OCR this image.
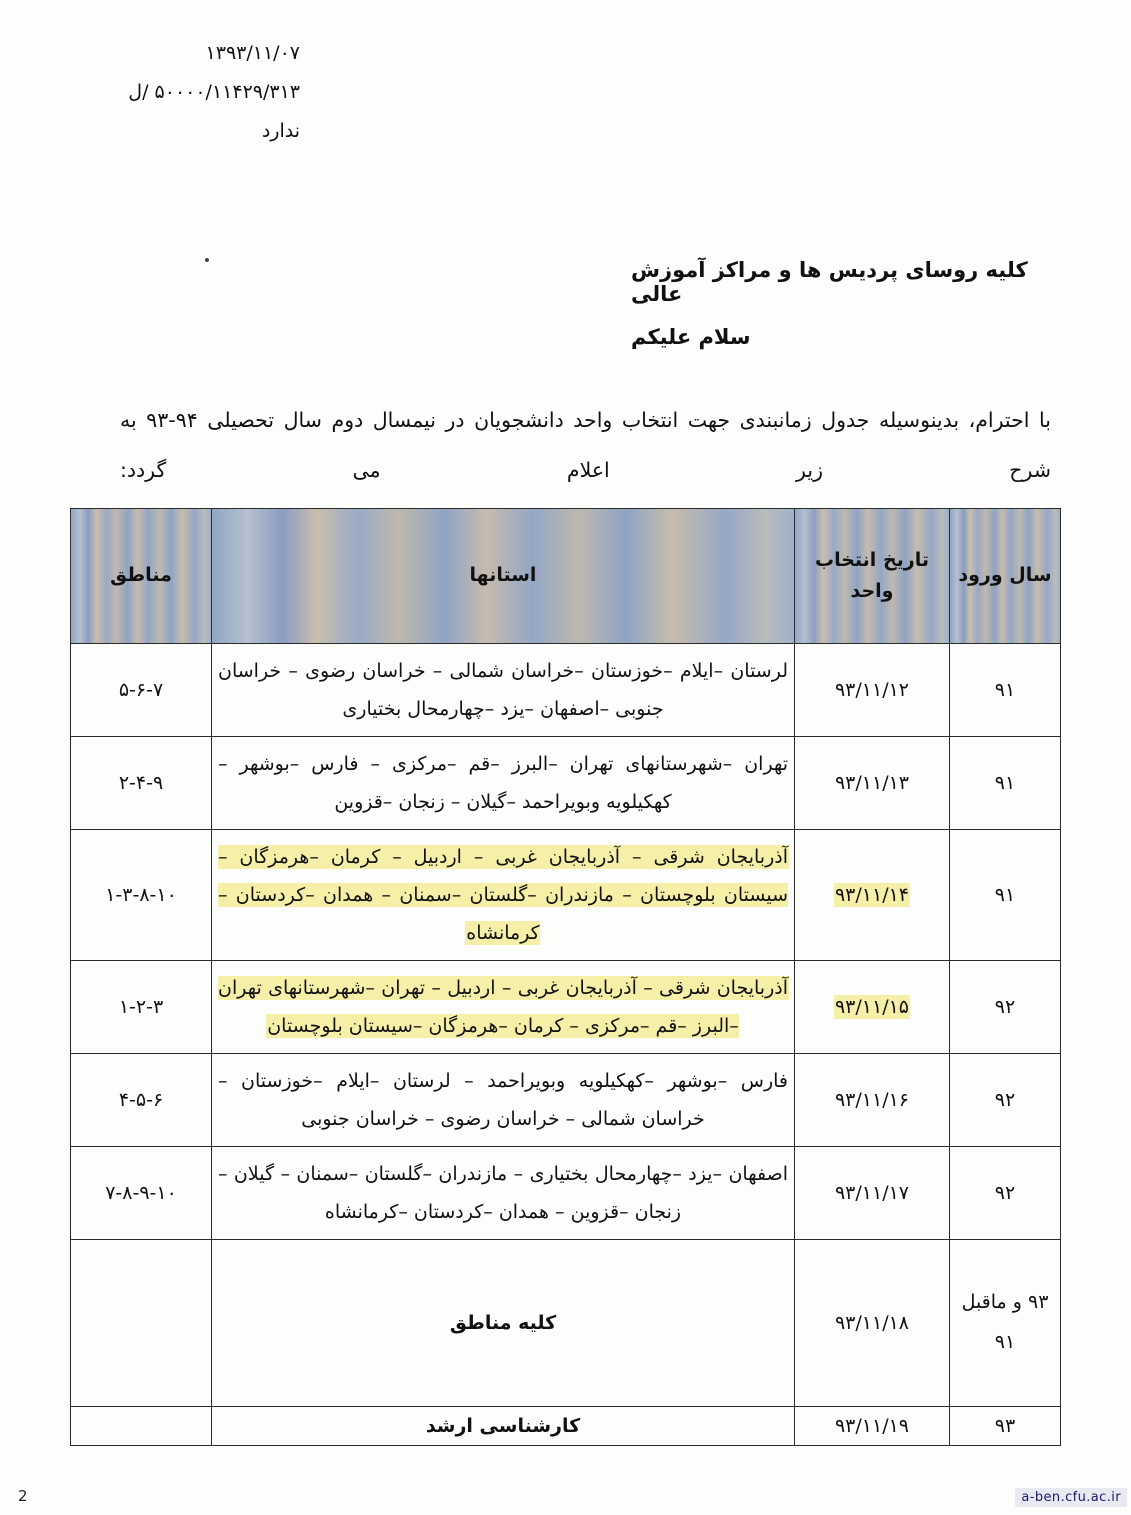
۱۳۹۳/۱۱/۰۷
۵۰۰۰۰/۱۱۴۲۹/۳۱۳ /ل
ندارد
کلیه روسای پردیس ها و مراکز آموزش عالی
سلام علیکم
با احترام، بدینوسیله جدول زمانبندی جهت انتخاب واحد دانشجویان در نیمسال دوم سال تحصیلی ۹۴-۹۳ به شرح زیر اعلام می گردد:
سال ورود	تاریخ انتخاب واحد	استانها	مناطق
۹۱	۹۳/۱۱/۱۲	لرستان –ایلام –خوزستان –خراسان شمالی – خراسان رضوی – خراسان جنوبی –اصفهان –یزد –چهارمحال بختیاری	۵-۶-۷
۹۱	۹۳/۱۱/۱۳	تهران –شهرستانهای تهران –البرز –قم –مرکزی – فارس –بوشهر –کهکیلویه وبویراحمد –گیلان – زنجان –قزوین	۲-۴-۹
۹۱	۹۳/۱۱/۱۴	آذربایجان شرقی – آذربایجان غربی – اردبیل – کرمان –هرمزگان –سیستان بلوچستان – مازندران –گلستان –سمنان – همدان –کردستان –کرمانشاه	۱-۳-۸-۱۰
۹۲	۹۳/۱۱/۱۵	آذربایجان شرقی – آذربایجان غربی – اردبیل – تهران –شهرستانهای تهران –البرز –قم –مرکزی – کرمان –هرمزگان –سیستان بلوچستان	۱-۲-۳
۹۲	۹۳/۱۱/۱۶	فارس –بوشهر –کهکیلویه وبویراحمد – لرستان –ایلام –خوزستان – خراسان شمالی – خراسان رضوی – خراسان جنوبی	۴-۵-۶
۹۲	۹۳/۱۱/۱۷	اصفهان –یزد –چهارمحال بختیاری – مازندران –گلستان –سمنان – گیلان – زنجان –قزوین – همدان –کردستان –کرمانشاه	۷-۸-۹-۱۰
۹۳ و ماقبل ۹۱	۹۳/۱۱/۱۸	کلیه مناطق	
۹۳	۹۳/۱۱/۱۹	کارشناسی ارشد	
a-ben.cfu.ac.ir
2
